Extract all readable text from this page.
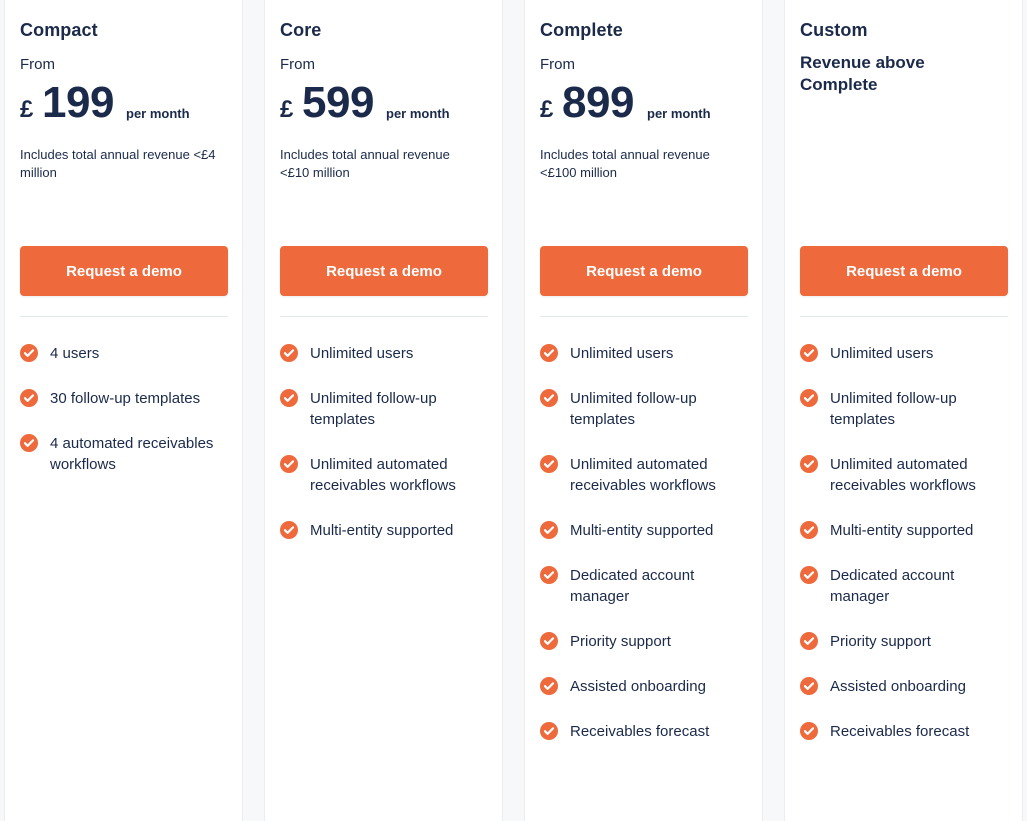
Compact
From
£ 199 per month
Includes total annual revenue <£4 million
Request a demo
4 users
30 follow-up templates
4 automated receivables workflows
Core
From
£ 599 per month
Includes total annual revenue <£10 million
Request a demo
Unlimited users
Unlimited follow-up templates
Unlimited automated receivables workflows
Multi-entity supported
Complete
From
£ 899 per month
Includes total annual revenue <£100 million
Request a demo
Unlimited users
Unlimited follow-up templates
Unlimited automated receivables workflows
Multi-entity supported
Dedicated account manager
Priority support
Assisted onboarding
Receivables forecast
Custom
Revenue above Complete
Request a demo
Unlimited users
Unlimited follow-up templates
Unlimited automated receivables workflows
Multi-entity supported
Dedicated account manager
Priority support
Assisted onboarding
Receivables forecast
